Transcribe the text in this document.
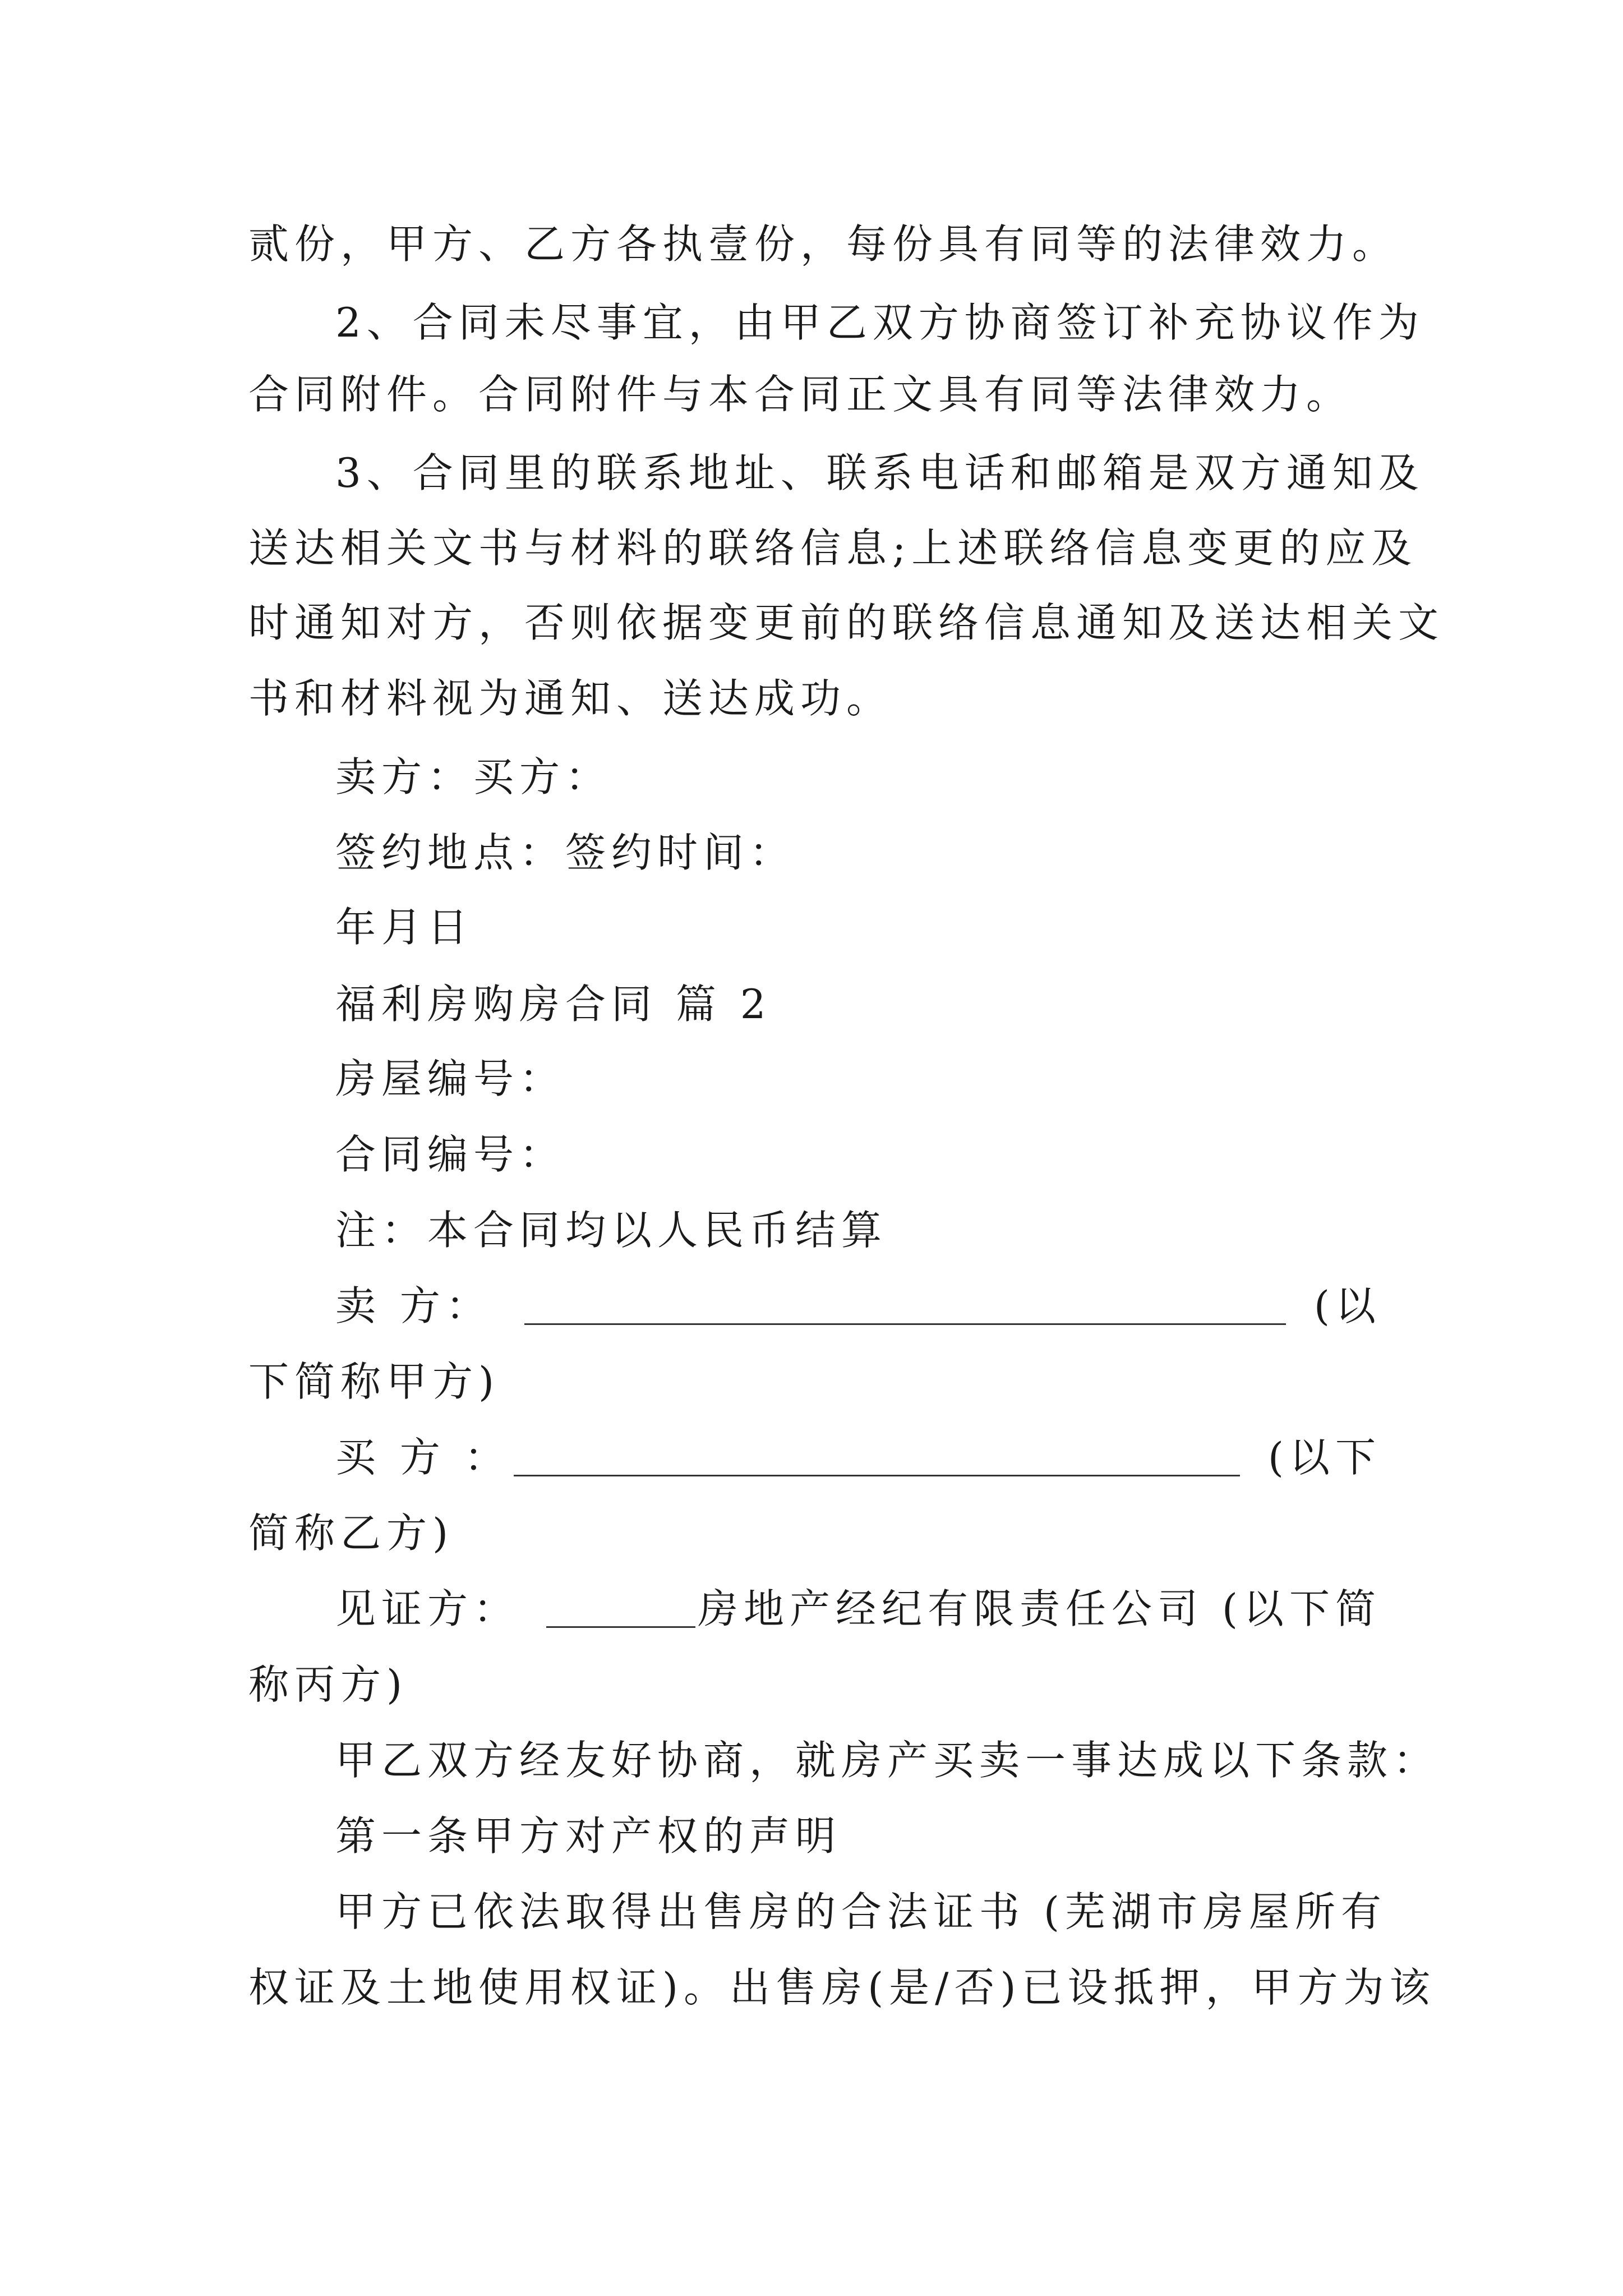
贰份，甲方、乙方各执壹份，每份具有同等的法律效力。
2、合同未尽事宜，由甲乙双方协商签订补充协议作为
合同附件。合同附件与本合同正文具有同等法律效力。
3、合同里的联系地址、联系电话和邮箱是双方通知及
送达相关文书与材料的联络信息;上述联络信息变更的应及
时通知对方，否则依据变更前的联络信息通知及送达相关文
书和材料视为通知、送达成功。
卖方：买方：
签约地点：签约时间：
年月日
福利房购房合同 篇 2
房屋编号：
合同编号：
注：本合同均以人民币结算
卖 方：	(以
下简称甲方)
买 方 ：	(以下
简称乙方)
见证方：	房地产经纪有限责任公司 (以下简
称丙方)
甲乙双方经友好协商，就房产买卖一事达成以下条款：
第一条甲方对产权的声明
甲方已依法取得出售房的合法证书 (芜湖市房屋所有
权证及土地使用权证)。出售房(是/否)已设抵押，甲方为该
